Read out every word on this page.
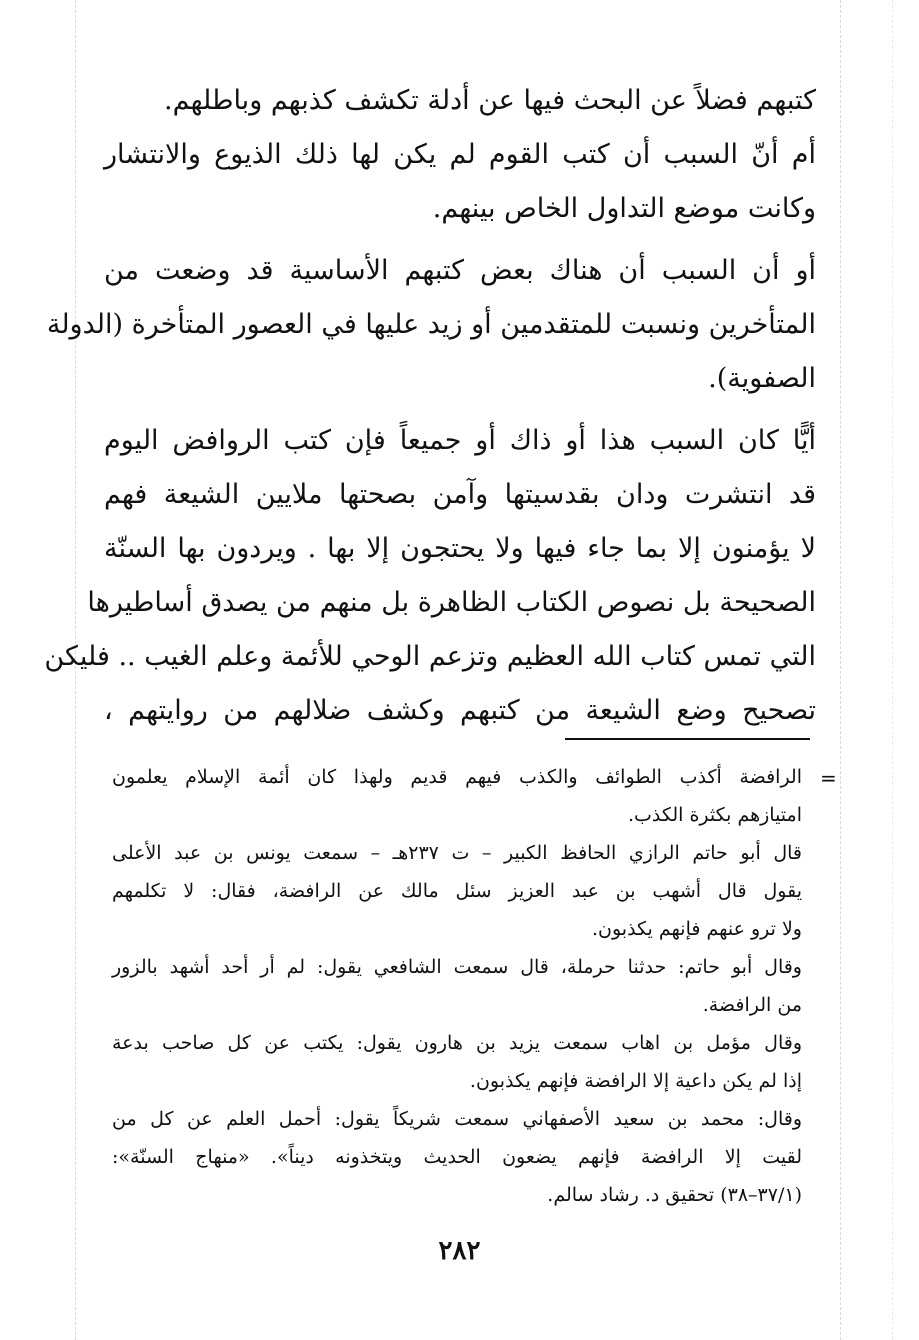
كتبهم فضلاً عن البحث فيها عن أدلة تكشف كذبهم وباطلهم.

أم أنّ السبب أن كتب القوم لم يكن لها ذلك الذيوع والانتشار
وكانت موضع التداول الخاص بينهم.

أو أن السبب أن هناك بعض كتبهم الأساسية قد وضعت من
المتأخرين ونسبت للمتقدمين أو زيد عليها في العصور المتأخرة (الدولة
الصفوية).

أيًّا كان السبب هذا أو ذاك أو جميعاً فإن كتب الروافض اليوم
قد انتشرت ودان بقدسيتها وآمن بصحتها ملايين الشيعة فهم
لا يؤمنون إلا بما جاء فيها ولا يحتجون إلا بها . ويردون بها السنّة
الصحيحة بل نصوص الكتاب الظاهرة بل منهم من يصدق أساطيرها
التي تمس كتاب الله العظيم وتزعم الوحي للأئمة وعلم الغيب .. فليكن
تصحيح وضع الشيعة من كتبهم وكشف ضلالهم من روايتهم ،

=

الرافضة أكذب الطوائف والكذب فيهم قديم ولهذا كان أئمة الإسلام يعلمون
امتيازهم بكثرة الكذب.

قال أبو حاتم الرازي الحافظ الكبير – ت ٢٣٧هـ – سمعت يونس بن عبد الأعلى
يقول قال أشهب بن عبد العزيز سئل مالك عن الرافضة، فقال: لا تكلمهم
ولا ترو عنهم فإنهم يكذبون.

وقال أبو حاتم: حدثنا حرملة، قال سمعت الشافعي يقول: لم أر أحد أشهد بالزور
من الرافضة.

وقال مؤمل بن اهاب سمعت يزيد بن هارون يقول: يكتب عن كل صاحب بدعة
إذا لم يكن داعية إلا الرافضة فإنهم يكذبون.

وقال: محمد بن سعيد الأصفهاني سمعت شريكاً يقول: أحمل العلم عن كل من
لقيت إلا الرافضة فإنهم يضعون الحديث ويتخذونه ديناً». «منهاج السنّة»:
(٣٧/١–٣٨) تحقيق د. رشاد سالم.

٢٨٢
